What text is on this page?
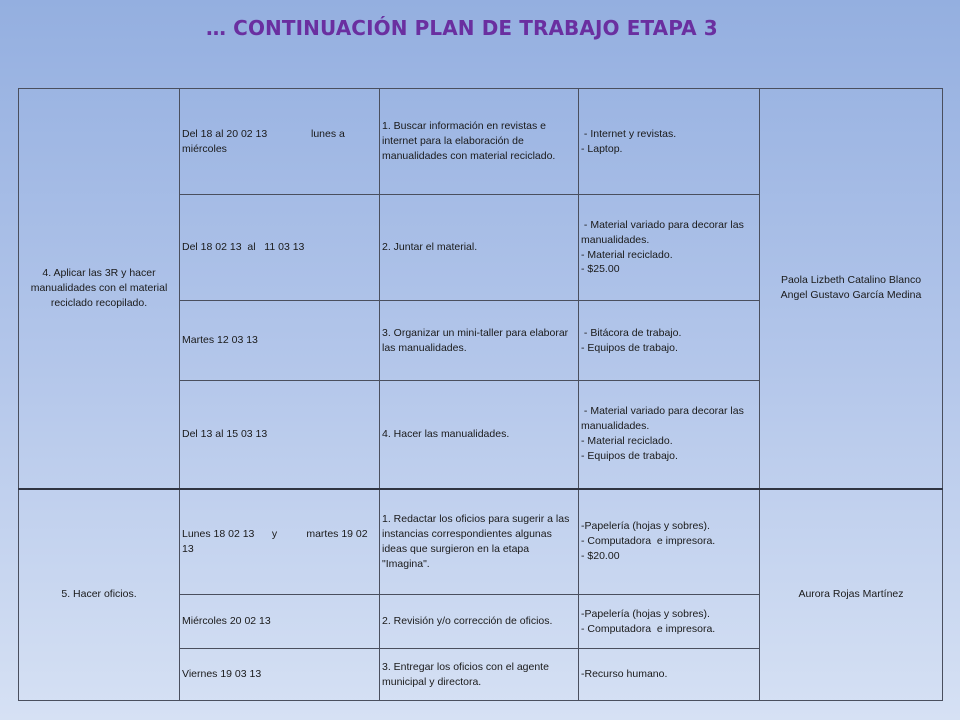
… CONTINUACIÓN PLAN DE TRABAJO ETAPA 3
4. Aplicar las 3R y hacer manualidades con el material reciclado recopilado.	Del 18 al 20 02 13               lunes a miércoles	1. Buscar información en revistas e internet para la elaboración de manualidades con material reciclado.	- Internet y revistas.
- Laptop.	Paola Lizbeth Catalino Blanco
Angel Gustavo García Medina

	Del 18 02 13  al   11 03 13	2. Juntar el material.	- Material variado para decorar las manualidades.
- Material reciclado.
- $25.00	

	Martes 12 03 13	3. Organizar un mini-taller para elaborar las manualidades.	- Bitácora de trabajo.
- Equipos de trabajo.	

	Del 13 al 15 03 13	4. Hacer las manualidades.	- Material variado para decorar las manualidades.
- Material reciclado.
- Equipos de trabajo.	

5. Hacer oficios.	Lunes 18 02 13      y          martes 19 02 13	1. Redactar los oficios para sugerir a las instancias correspondientes algunas ideas que surgieron en la etapa "Imagina".	-Papelería (hojas y sobres).
- Computadora  e impresora.
- $20.00	Aurora Rojas Martínez

	Miércoles 20 02 13	2. Revisión y/o corrección de oficios.	-Papelería (hojas y sobres).
- Computadora  e impresora.	

	Viernes 19 03 13	3. Entregar los oficios con el agente municipal y directora.	-Recurso humano.	
